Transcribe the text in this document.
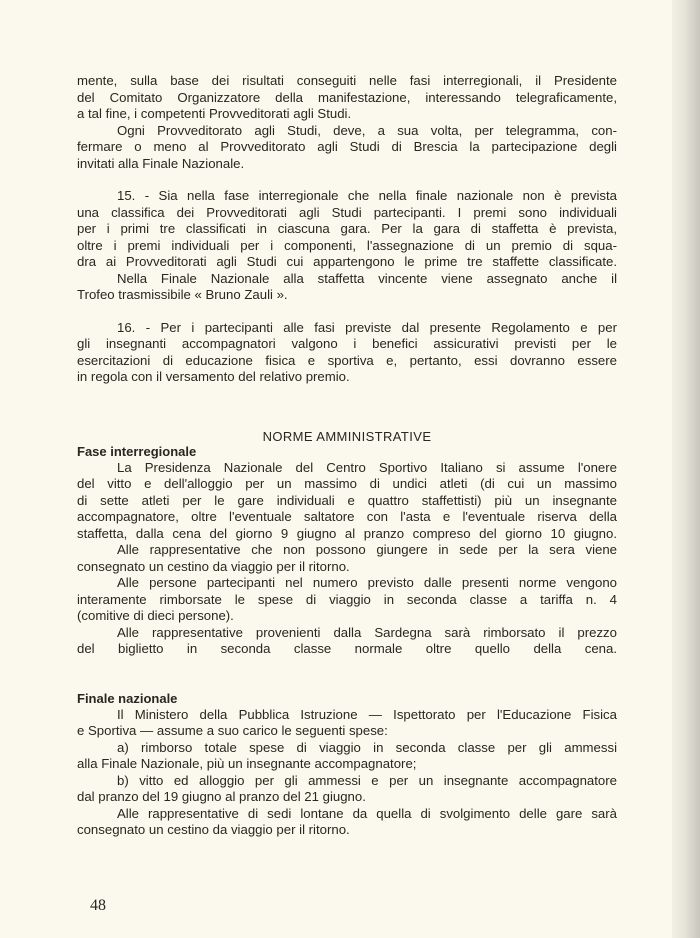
mente, sulla base dei risultati conseguiti nelle fasi interregionali, il Presidente
del Comitato Organizzatore della manifestazione, interessando telegraficamente,
a tal fine, i competenti Provveditorati agli Studi.
Ogni Provveditorato agli Studi, deve, a sua volta, per telegramma, con-
fermare o meno al Provveditorato agli Studi di Brescia la partecipazione degli
invitati alla Finale Nazionale.
15. - Sia nella fase interregionale che nella finale nazionale non è prevista
una classifica dei Provveditorati agli Studi partecipanti. I premi sono individuali
per i primi tre classificati in ciascuna gara. Per la gara di staffetta è prevista,
oltre i premi individuali per i componenti, l'assegnazione di un premio di squa-
dra ai Provveditorati agli Studi cui appartengono le prime tre staffette classificate.
Nella Finale Nazionale alla staffetta vincente viene assegnato anche il
Trofeo trasmissibile « Bruno Zauli ».
16. - Per i partecipanti alle fasi previste dal presente Regolamento e per
gli insegnanti accompagnatori valgono i benefici assicurativi previsti per le
esercitazioni di educazione fisica e sportiva e, pertanto, essi dovranno essere
in regola con il versamento del relativo premio.
NORME AMMINISTRATIVE
Fase interregionale
La Presidenza Nazionale del Centro Sportivo Italiano si assume l'onere
del vitto e dell'alloggio per un massimo di undici atleti (di cui un massimo
di sette atleti per le gare individuali e quattro staffettisti) più un insegnante
accompagnatore, oltre l'eventuale saltatore con l'asta e l'eventuale riserva della
staffetta, dalla cena del giorno 9 giugno al pranzo compreso del giorno 10 giugno.
Alle rappresentative che non possono giungere in sede per la sera viene
consegnato un cestino da viaggio per il ritorno.
Alle persone partecipanti nel numero previsto dalle presenti norme vengono
interamente rimborsate le spese di viaggio in seconda classe a tariffa n. 4
(comitive di dieci persone).
Alle rappresentative provenienti dalla Sardegna sarà rimborsato il prezzo
del biglietto in seconda classe normale oltre quello della cena.
Finale nazionale
Il Ministero della Pubblica Istruzione — Ispettorato per l'Educazione Fisica
e Sportiva — assume a suo carico le seguenti spese:
a) rimborso totale spese di viaggio in seconda classe per gli ammessi
alla Finale Nazionale, più un insegnante accompagnatore;
b) vitto ed alloggio per gli ammessi e per un insegnante accompagnatore
dal pranzo del 19 giugno al pranzo del 21 giugno.
Alle rappresentative di sedi lontane da quella di svolgimento delle gare sarà
consegnato un cestino da viaggio per il ritorno.
48
